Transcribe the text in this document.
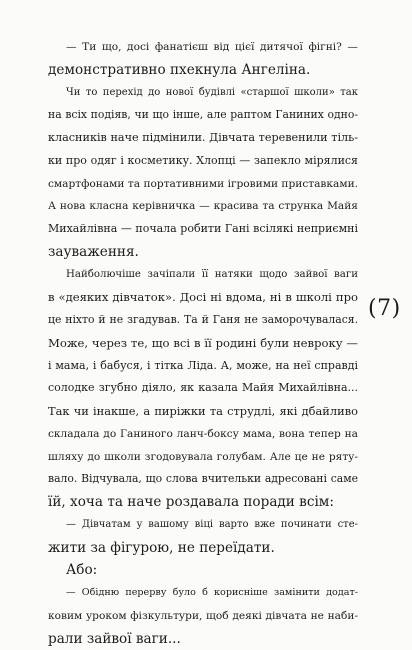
— Ти що, досі фанатієш від цієї дитячої фігні? —
демонстративно пхекнула Ангеліна.
Чи то перехід до нової будівлі «старшої школи» так
на всіх подіяв, чи що інше, але раптом Ганиних одно-
класників наче підмінили. Дівчата теревенили тіль-
ки про одяг і косметику. Хлопці — запекло мірялися
смартфонами та портативними ігровими приставками.
А нова класна керівничка — красива та струнка Майя
Михайлівна — почала робити Гані всілякі неприємні
зауваження.
Найболючіше зачіпали її натяки щодо зайвої ваги
в «деяких дівчаток». Досі ні вдома, ні в школі про
це ніхто й не згадував. Та й Ганя не заморочувалася.
Може, через те, що всі в її родині були невроку —
і мама, і бабуся, і тітка Ліда. А, може, на неї справді
солодке згубно діяло, як казала Майя Михайлівна...
Так чи інакше, а пиріжки та струдлі, які дбайливо
складала до Ганиного ланч-боксу мама, вона тепер на
шляху до школи згодовувала голубам. Але це не ряту-
вало. Відчувала, що слова вчительки адресовані саме
їй, хоча та наче роздавала поради всім:
— Дівчатам у вашому віці варто вже починати сте-
жити за фігурою, не переїдати.
Або:
— Обідню перерву було б корисніше замінити додат-
ковим уроком фізкультури, щоб деякі дівчата не наби-
рали зайвої ваги...
(7)
